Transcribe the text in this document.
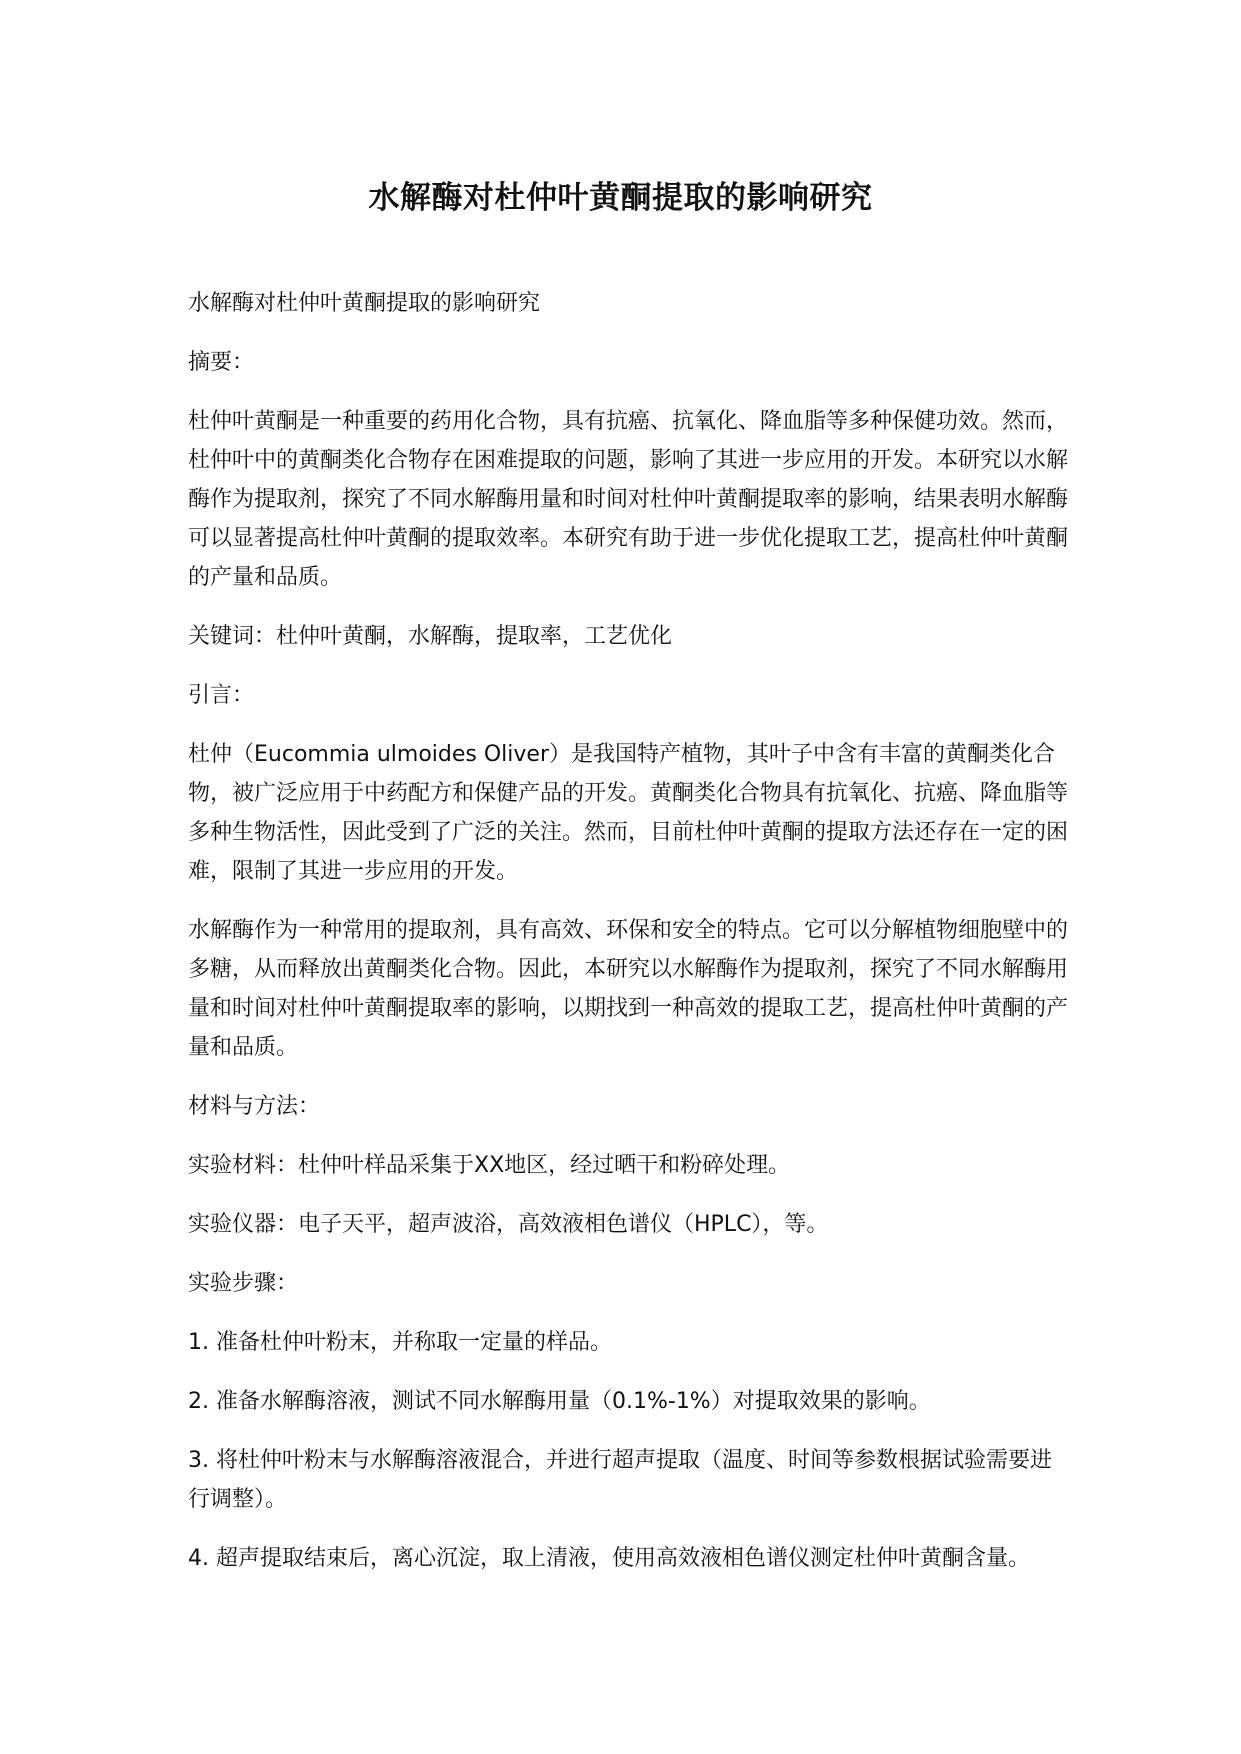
水解酶对杜仲叶黄酮提取的影响研究

水解酶对杜仲叶黄酮提取的影响研究

摘要：

杜仲叶黄酮是一种重要的药用化合物，具有抗癌、抗氧化、降血脂等多种保健功效。然而，杜仲叶中的黄酮类化合物存在困难提取的问题，影响了其进一步应用的开发。本研究以水解酶作为提取剂，探究了不同水解酶用量和时间对杜仲叶黄酮提取率的影响，结果表明水解酶可以显著提高杜仲叶黄酮的提取效率。本研究有助于进一步优化提取工艺，提高杜仲叶黄酮的产量和品质。

关键词：杜仲叶黄酮，水解酶，提取率，工艺优化

引言：

杜仲（Eucommia ulmoides Oliver）是我国特产植物，其叶子中含有丰富的黄酮类化合物，被广泛应用于中药配方和保健产品的开发。黄酮类化合物具有抗氧化、抗癌、降血脂等多种生物活性，因此受到了广泛的关注。然而，目前杜仲叶黄酮的提取方法还存在一定的困难，限制了其进一步应用的开发。

水解酶作为一种常用的提取剂，具有高效、环保和安全的特点。它可以分解植物细胞壁中的多糖，从而释放出黄酮类化合物。因此，本研究以水解酶作为提取剂，探究了不同水解酶用量和时间对杜仲叶黄酮提取率的影响，以期找到一种高效的提取工艺，提高杜仲叶黄酮的产量和品质。

材料与方法：

实验材料：杜仲叶样品采集于XX地区，经过晒干和粉碎处理。

实验仪器：电子天平，超声波浴，高效液相色谱仪（HPLC），等。

实验步骤：

1. 准备杜仲叶粉末，并称取一定量的样品。

2. 准备水解酶溶液，测试不同水解酶用量（0.1%-1%）对提取效果的影响。

3. 将杜仲叶粉末与水解酶溶液混合，并进行超声提取（温度、时间等参数根据试验需要进行调整）。

4. 超声提取结束后，离心沉淀，取上清液，使用高效液相色谱仪测定杜仲叶黄酮含量。
